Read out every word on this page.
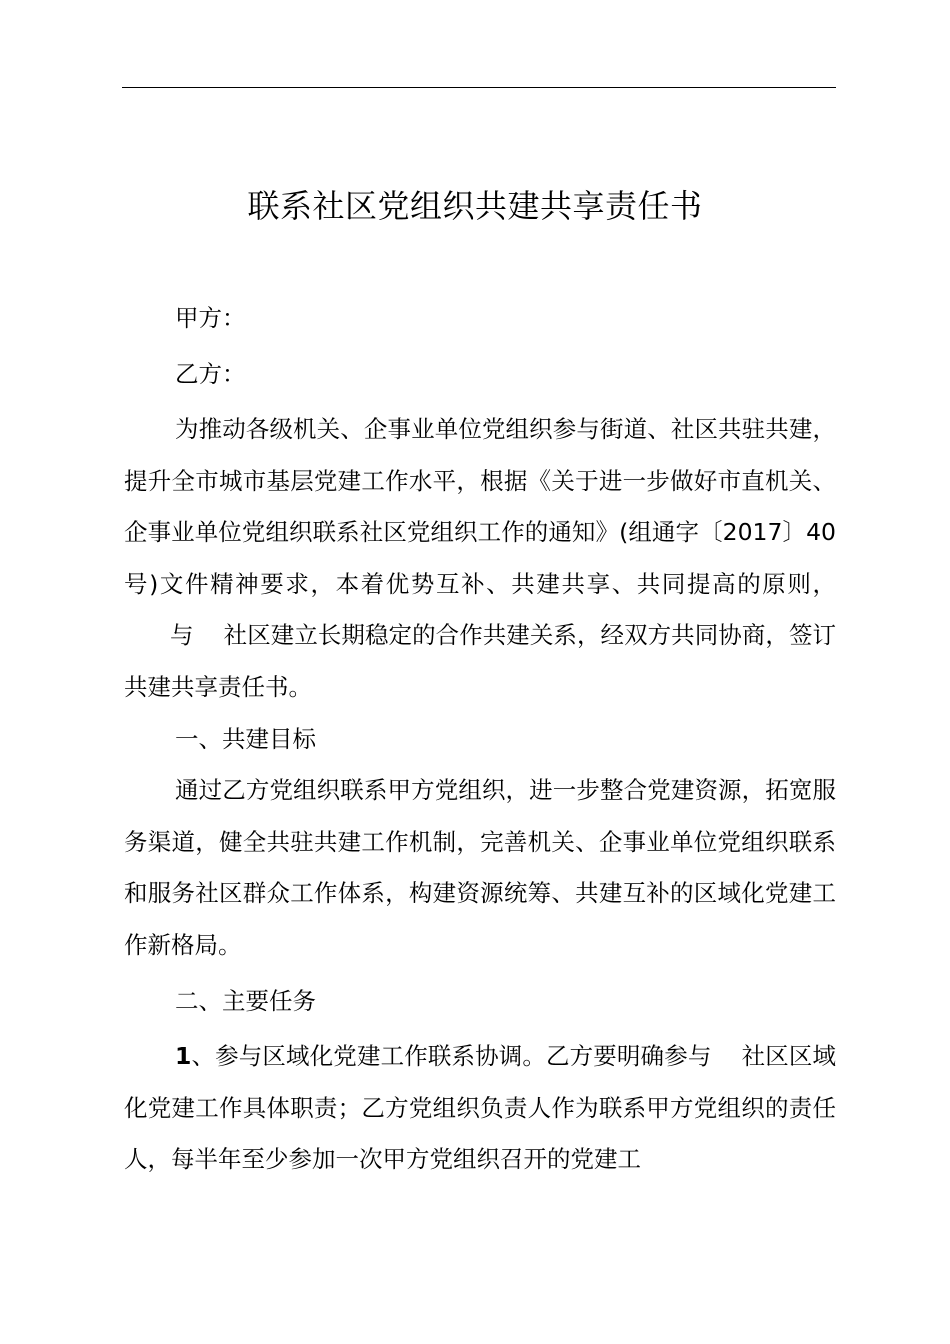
联系社区党组织共建共享责任书

甲方：

乙方：

为推动各级机关、企事业单位党组织参与街道、社区共驻共建，提升全市城市基层党建工作水平，根据《关于进一步做好市直机关、企事业单位党组织联系社区党组织工作的通知》(组通字〔2017〕40号)文件精神要求，本着优势互补、共建共享、共同提高的原则，与 社区建立长期稳定的合作共建关系，经双方共同协商，签订共建共享责任书。

一、共建目标

通过乙方党组织联系甲方党组织，进一步整合党建资源，拓宽服务渠道，健全共驻共建工作机制，完善机关、企事业单位党组织联系和服务社区群众工作体系，构建资源统筹、共建互补的区域化党建工作新格局。

二、主要任务

1、参与区域化党建工作联系协调。乙方要明确参与 社区区域化党建工作具体职责；乙方党组织负责人作为联系甲方党组织的责任人，每半年至少参加一次甲方党组织召开的党建工
